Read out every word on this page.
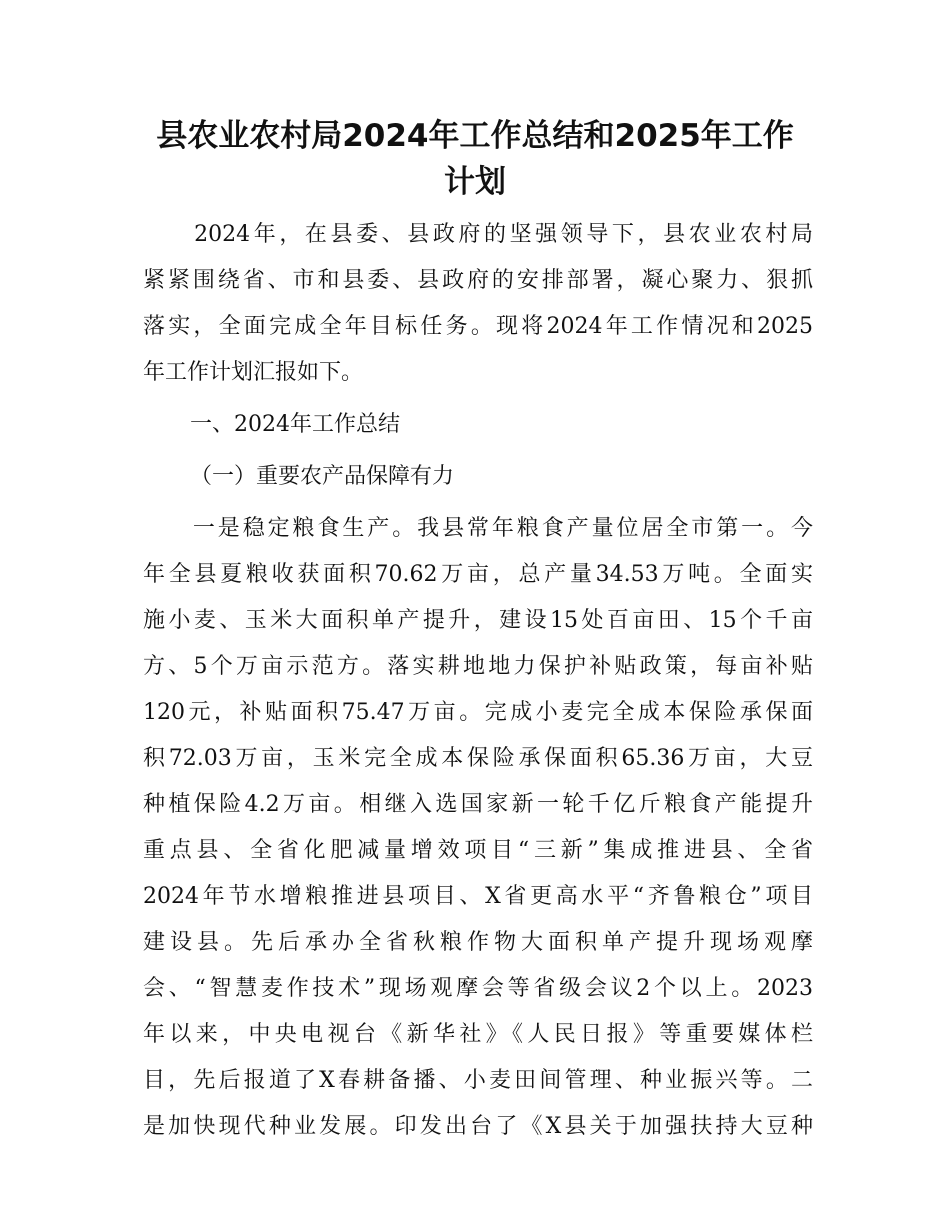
县农业农村局2024年工作总结和2025年工作
计划
　　2024年，在县委、县政府的坚强领导下，县农业农村局
紧紧围绕省、市和县委、县政府的安排部署，凝心聚力、狠抓
落实，全面完成全年目标任务。现将2024年工作情况和2025
年工作计划汇报如下。
一、2024年工作总结
（一）重要农产品保障有力
　　一是稳定粮食生产。我县常年粮食产量位居全市第一。今
年全县夏粮收获面积70.62万亩，总产量34.53万吨。全面实
施小麦、玉米大面积单产提升，建设15处百亩田、15个千亩
方、5个万亩示范方。落实耕地地力保护补贴政策，每亩补贴
120元，补贴面积75.47万亩。完成小麦完全成本保险承保面
积72.03万亩，玉米完全成本保险承保面积65.36万亩，大豆
种植保险4.2万亩。相继入选国家新一轮千亿斤粮食产能提升
重点县、全省化肥减量增效项目“三新”集成推进县、全省
2024年节水增粮推进县项目、X省更高水平“齐鲁粮仓”项目
建设县。先后承办全省秋粮作物大面积单产提升现场观摩
会、“智慧麦作技术”现场观摩会等省级会议2个以上。2023
年以来，中央电视台《新华社》《人民日报》等重要媒体栏
目，先后报道了X春耕备播、小麦田间管理、种业振兴等。二
是加快现代种业发展。印发出台了《X县关于加强扶持大豆种
